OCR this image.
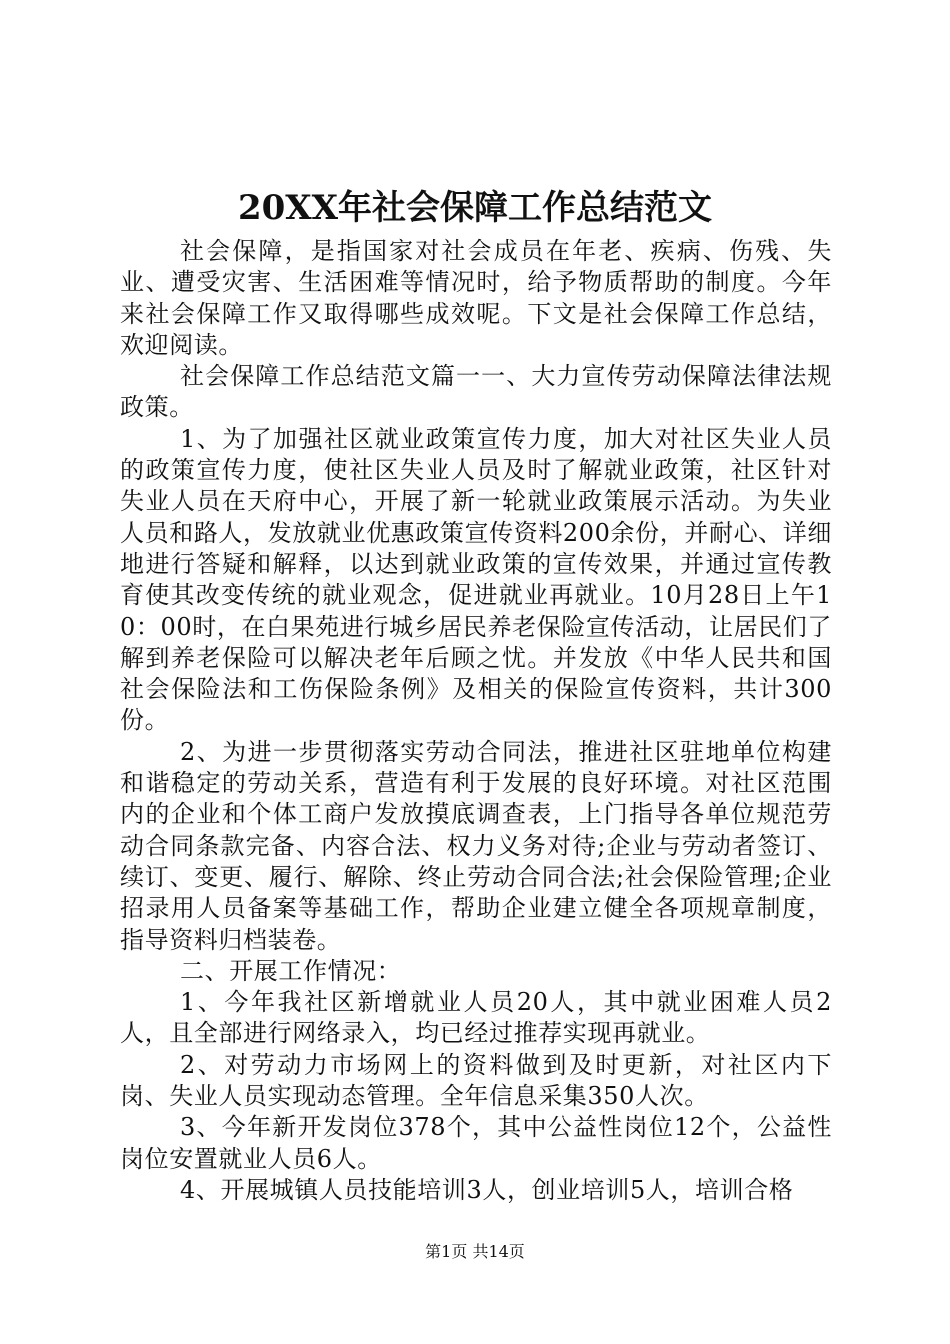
20XX年社会保障工作总结范文

社会保障，是指国家对社会成员在年老、疾病、伤残、失业、遭受灾害、生活困难等情况时，给予物质帮助的制度。今年来社会保障工作又取得哪些成效呢。下文是社会保障工作总结，欢迎阅读。

社会保障工作总结范文篇一一、大力宣传劳动保障法律法规政策。

1、为了加强社区就业政策宣传力度，加大对社区失业人员的政策宣传力度，使社区失业人员及时了解就业政策，社区针对失业人员在天府中心，开展了新一轮就业政策展示活动。为失业人员和路人，发放就业优惠政策宣传资料200余份，并耐心、详细地进行答疑和解释，以达到就业政策的宣传效果，并通过宣传教育使其改变传统的就业观念，促进就业再就业。10月28日上午10：00时，在白果苑进行城乡居民养老保险宣传活动，让居民们了解到养老保险可以解决老年后顾之忧。并发放《中华人民共和国社会保险法和工伤保险条例》及相关的保险宣传资料，共计300份。

2、为进一步贯彻落实劳动合同法，推进社区驻地单位构建和谐稳定的劳动关系，营造有利于发展的良好环境。对社区范围内的企业和个体工商户发放摸底调查表，上门指导各单位规范劳动合同条款完备、内容合法、权力义务对待;企业与劳动者签订、续订、变更、履行、解除、终止劳动合同合法;社会保险管理;企业招录用人员备案等基础工作，帮助企业建立健全各项规章制度，指导资料归档装卷。

二、开展工作情况：

1、今年我社区新增就业人员20人，其中就业困难人员2人，且全部进行网络录入，均已经过推荐实现再就业。

2、对劳动力市场网上的资料做到及时更新，对社区内下岗、失业人员实现动态管理。全年信息采集350人次。

3、今年新开发岗位378个，其中公益性岗位12个，公益性岗位安置就业人员6人。

4、开展城镇人员技能培训3人，创业培训5人，培训合格

第1页 共14页
